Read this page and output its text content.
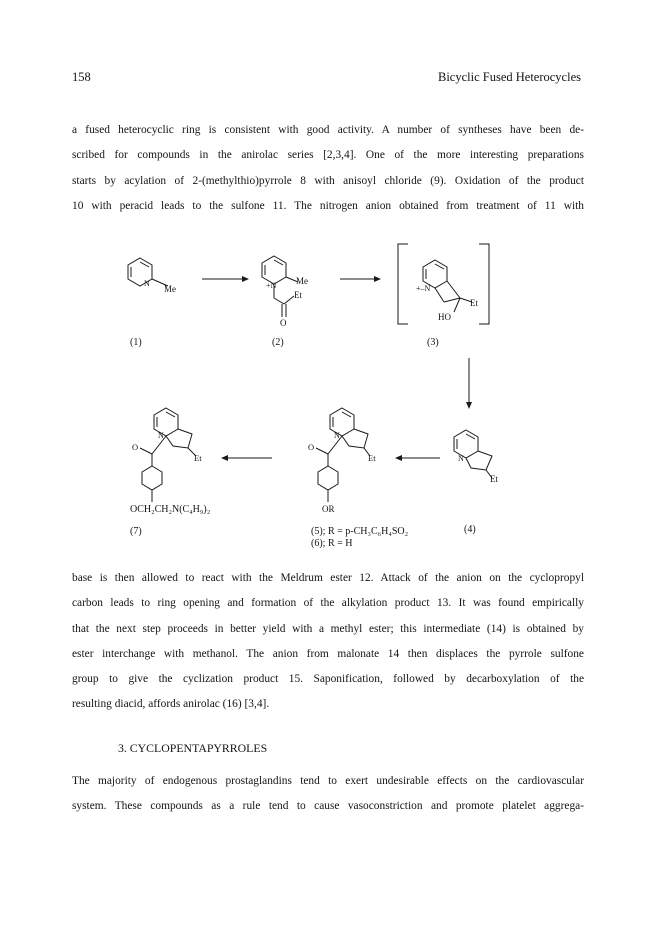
158	Bicyclic Fused Heterocycles

a fused heterocyclic ring is consistent with good activity. A number of syntheses have been de-
scribed for compounds in the anirolac series [2,3,4]. One of the more interesting preparations
starts by acylation of 2-(methylthio)pyrrole 8 with anisoyl chloride (9). Oxidation of the product
10 with peracid leads to the sulfone 11. The nitrogen anion obtained from treatment of 11 with

N
Me
(1)
+N Me
Et
O
(2)
+–N
Et
HO
(3)
N
Et
(4)
N
O
Et
OR
(5); R = p-CH₃C₆H₄SO₂
(6); R = H
N
O
Et
OCH₂CH₂N(C₄H₉)₂
(7)

base is then allowed to react with the Meldrum ester 12. Attack of the anion on the cyclopropyl
carbon leads to ring opening and formation of the alkylation product 13. It was found empirically
that the next step proceeds in better yield with a methyl ester; this intermediate (14) is obtained by
ester interchange with methanol. The anion from malonate 14 then displaces the pyrrole sulfone
group to give the cyclization product 15. Saponification, followed by decarboxylation of the
resulting diacid, affords anirolac (16) [3,4].

3. CYCLOPENTAPYRROLES

The majority of endogenous prostaglandins tend to exert undesirable effects on the cardiovascular
system. These compounds as a rule tend to cause vasoconstriction and promote platelet aggrega-
